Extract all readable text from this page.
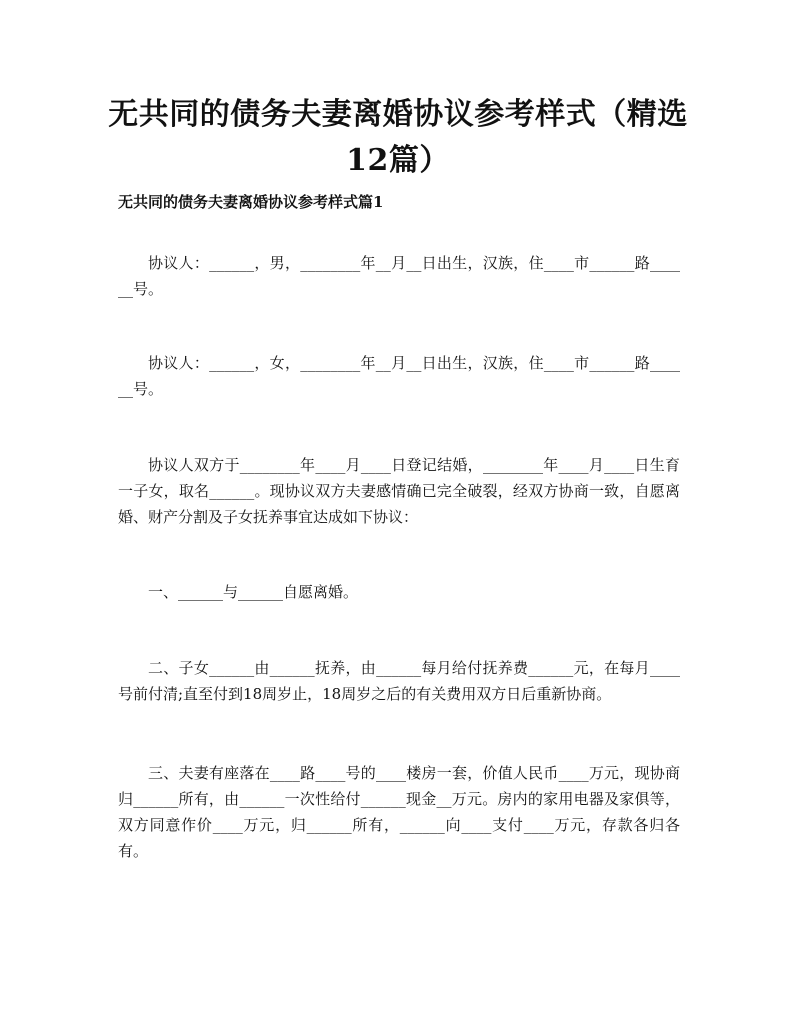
无共同的债务夫妻离婚协议参考样式（精选12篇）
无共同的债务夫妻离婚协议参考样式篇1

协议人：______，男，________年__月__日出生，汉族，住____市______路______号。

协议人：______，女，________年__月__日出生，汉族，住____市______路______号。

协议人双方于________年____月____日登记结婚，________年____月____日生育一子女，取名______。现协议双方夫妻感情确已完全破裂，经双方协商一致，自愿离婚、财产分割及子女抚养事宜达成如下协议：

一、______与______自愿离婚。

二、子女______由______抚养，由______每月给付抚养费______元，在每月____号前付清;直至付到18周岁止，18周岁之后的有关费用双方日后重新协商。

三、夫妻有座落在____路____号的____楼房一套，价值人民币____万元，现协商归______所有，由______一次性给付______现金__万元。房内的家用电器及家俱等，双方同意作价____万元，归______所有，______向____支付____万元，存款各归各有。
